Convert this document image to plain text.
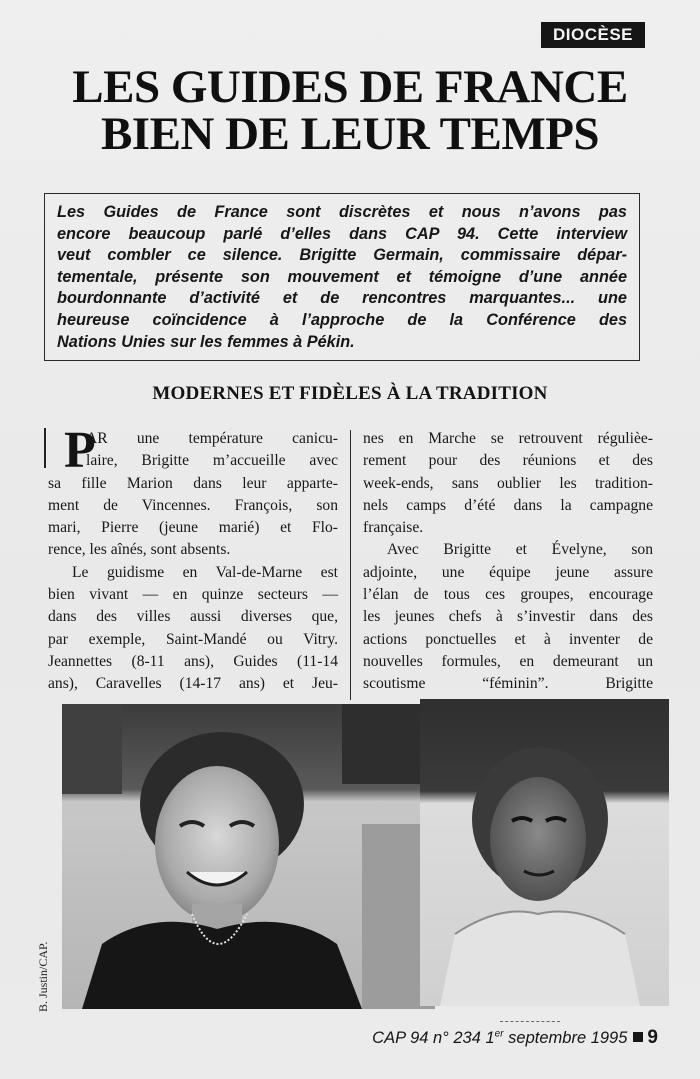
DIOCÈSE
LES GUIDES DE FRANCE
BIEN DE LEUR TEMPS
Les Guides de France sont discrètes et nous n’avons pas
encore beaucoup parlé d’elles dans CAP 94. Cette interview
veut combler ce silence. Brigitte Germain, commissaire dépar-
tementale, présente son mouvement et témoigne d’une année
bourdonnante d’activité et de rencontres marquantes... une
heureuse coïncidence à l’approche de la Conférence des
Nations Unies sur les femmes à Pékin.
MODERNES ET FIDÈLES À LA TRADITION
P
AR une température canicu-
laire, Brigitte m’accueille avec
sa fille Marion dans leur apparte-
ment de Vincennes. François, son
mari, Pierre (jeune marié) et Flo-
rence, les aînés, sont absents.
Le guidisme en Val-de-Marne est
bien vivant — en quinze secteurs —
dans des villes aussi diverses que,
par exemple, Saint-Mandé ou Vitry.
Jeannettes (8-11 ans), Guides (11-14
ans), Caravelles (14-17 ans) et Jeu-
nes en Marche se retrouvent régulièe-
rement pour des réunions et des
week-ends, sans oublier les tradition-
nels camps d’été dans la campagne
française.
Avec Brigitte et Évelyne, son
adjointe, une équipe jeune assure
l’élan de tous ces groupes, encourage
les jeunes chefs à s’investir dans des
actions ponctuelles et à inventer de
nouvelles formules, en demeurant un
scoutisme “féminin”. Brigitte
B. Justin/CAP.
CAP 94 n° 234 1er septembre 1995 9
